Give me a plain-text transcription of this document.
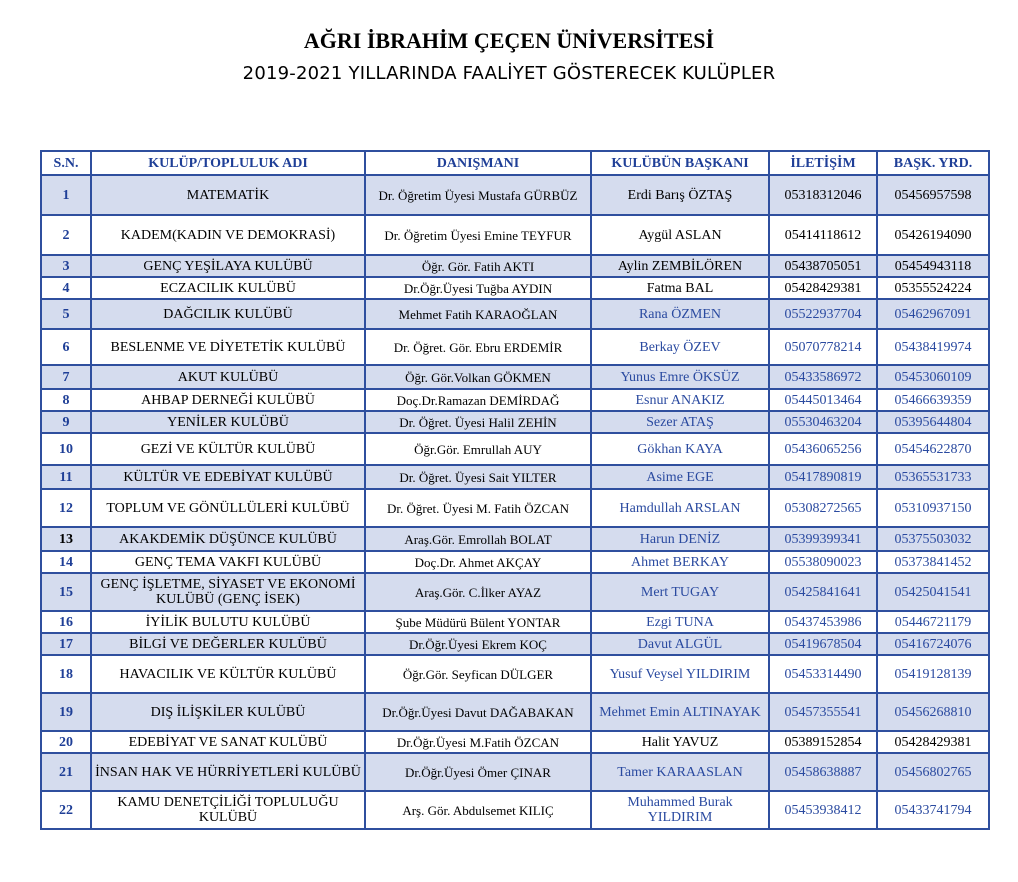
AĞRI İBRAHİM ÇEÇEN ÜNİVERSİTESİ
2019-2021 YILLARINDA FAALİYET GÖSTERECEK KULÜPLER
S.N.	KULÜP/TOPLULUK ADI	DANIŞMANI	KULÜBÜN BAŞKANI	İLETİŞİM	BAŞK. YRD.
1	MATEMATİK	Dr. Öğretim Üyesi Mustafa GÜRBÜZ	Erdi Barış ÖZTAŞ	05318312046	05456957598
2	KADEM(KADIN VE DEMOKRASİ)	Dr. Öğretim Üyesi Emine TEYFUR	Aygül ASLAN	05414118612	05426194090
3	GENÇ YEŞİLAYA KULÜBÜ	Öğr. Gör. Fatih AKTI	Aylin ZEMBİLÖREN	05438705051	05454943118
4	ECZACILIK KULÜBÜ	Dr.Öğr.Üyesi Tuğba AYDIN	Fatma BAL	05428429381	05355524224
5	DAĞCILIK KULÜBÜ	Mehmet Fatih KARAOĞLAN	Rana ÖZMEN	05522937704	05462967091
6	BESLENME VE DİYETETİK KULÜBÜ	Dr. Öğret. Gör. Ebru ERDEMİR	Berkay ÖZEV	05070778214	05438419974
7	AKUT KULÜBÜ	Öğr. Gör.Volkan GÖKMEN	Yunus Emre ÖKSÜZ	05433586972	05453060109
8	AHBAP DERNEĞİ KULÜBÜ	Doç.Dr.Ramazan DEMİRDAĞ	Esnur ANAKIZ	05445013464	05466639359
9	YENİLER KULÜBÜ	Dr. Öğret. Üyesi Halil ZEHİN	Sezer ATAŞ	05530463204	05395644804
10	GEZİ VE KÜLTÜR KULÜBÜ	Öğr.Gör. Emrullah AUY	Gökhan KAYA	05436065256	05454622870
11	KÜLTÜR VE EDEBİYAT KULÜBÜ	Dr. Öğret. Üyesi Sait YILTER	Asime EGE	05417890819	05365531733
12	TOPLUM VE GÖNÜLLÜLERİ KULÜBÜ	Dr. Öğret. Üyesi M. Fatih ÖZCAN	Hamdullah ARSLAN	05308272565	05310937150
13	AKAKDEMİK DÜŞÜNCE KULÜBÜ	Araş.Gör. Emrollah BOLAT	Harun DENİZ	05399399341	05375503032
14	GENÇ TEMA VAKFI KULÜBÜ	Doç.Dr. Ahmet AKÇAY	Ahmet BERKAY	05538090023	05373841452
15	GENÇ İŞLETME, SİYASET VE EKONOMİ KULÜBÜ (GENÇ İSEK)	Araş.Gör. C.İlker AYAZ	Mert TUGAY	05425841641	05425041541
16	İYİLİK BULUTU KULÜBÜ	Şube Müdürü Bülent YONTAR	Ezgi TUNA	05437453986	05446721179
17	BİLGİ VE DEĞERLER KULÜBÜ	Dr.Öğr.Üyesi Ekrem KOÇ	Davut ALGÜL	05419678504	05416724076
18	HAVACILIK VE KÜLTÜR KULÜBÜ	Öğr.Gör. Seyfican DÜLGER	Yusuf Veysel YILDIRIM	05453314490	05419128139
19	DIŞ İLİŞKİLER KULÜBÜ	Dr.Öğr.Üyesi Davut DAĞABAKAN	Mehmet Emin ALTINAYAK	05457355541	05456268810
20	EDEBİYAT VE SANAT KULÜBÜ	Dr.Öğr.Üyesi M.Fatih ÖZCAN	Halit YAVUZ	05389152854	05428429381
21	İNSAN HAK VE HÜRRİYETLERİ KULÜBÜ	Dr.Öğr.Üyesi Ömer ÇINAR	Tamer KARAASLAN	05458638887	05456802765
22	KAMU DENETÇİLİĞİ TOPLULUĞU KULÜBÜ	Arş. Gör. Abdulsemet KILIÇ	Muhammed Burak YILDIRIM	05453938412	05433741794
